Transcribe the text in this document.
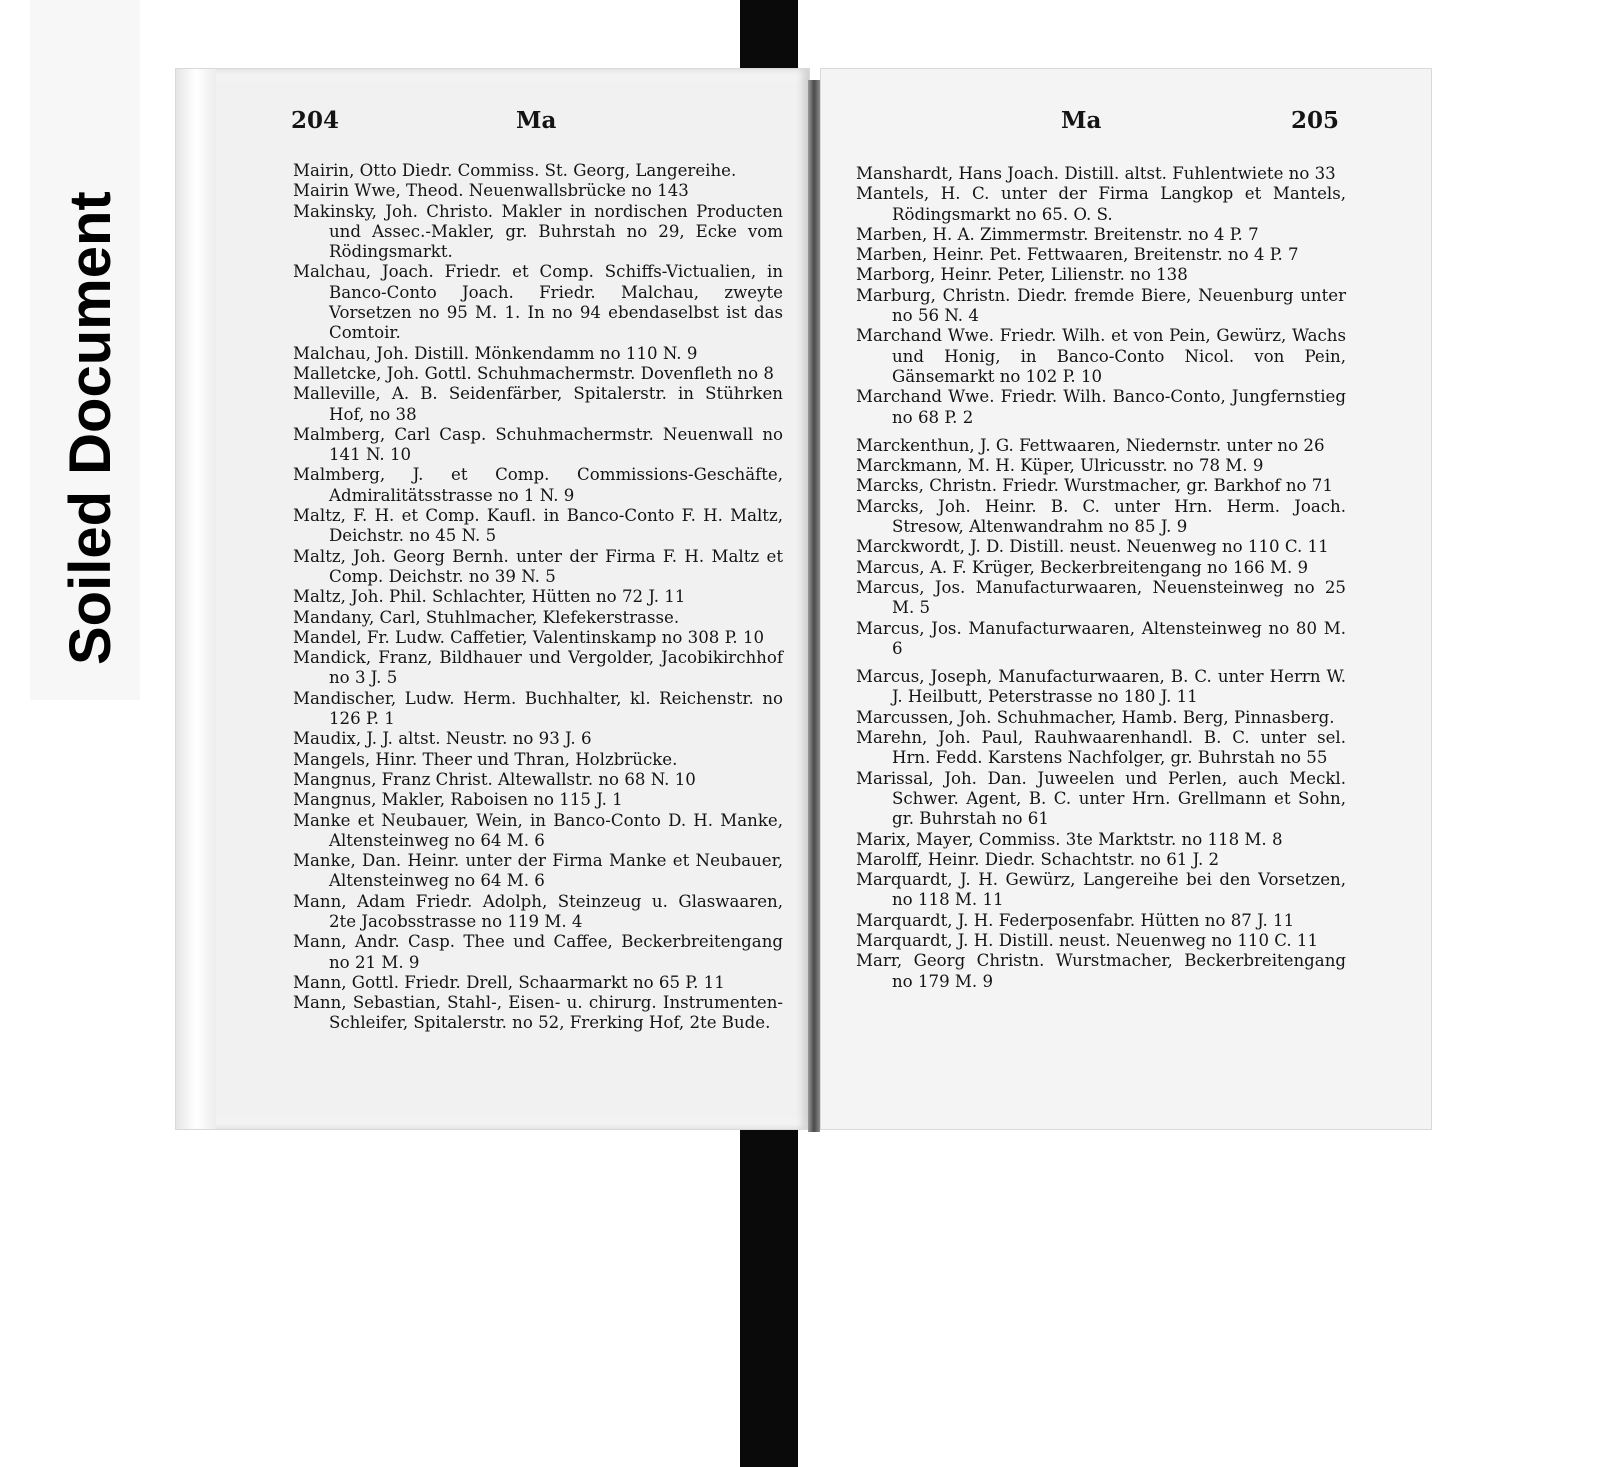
Soiled Document
204	Ma
Mairin, Otto Diedr. Commiss. St. Georg, Langereihe.
Mairin Wwe, Theod. Neuenwallsbrücke no 143
Makinsky, Joh. Christo. Makler in nordischen Producten und Assec.-Makler, gr. Buhrstah no 29, Ecke vom Rödingsmarkt.
Malchau, Joach. Friedr. et Comp. Schiffs-Victualien, in Banco-Conto Joach. Friedr. Malchau, zweyte Vorsetzen no 95 M. 1. In no 94 ebendaselbst ist das Comtoir.
Malchau, Joh. Distill. Mönkendamm no 110 N. 9
Malletcke, Joh. Gottl. Schuhmachermstr. Dovenfleth no 8
Malleville, A. B. Seidenfärber, Spitalerstr. in Stührken Hof, no 38
Malmberg, Carl Casp. Schuhmachermstr. Neuenwall no 141 N. 10
Malmberg, J. et Comp. Commissions-Geschäfte, Admiralitätsstrasse no 1 N. 9
Maltz, F. H. et Comp. Kaufl. in Banco-Conto F. H. Maltz, Deichstr. no 45 N. 5
Maltz, Joh. Georg Bernh. unter der Firma F. H. Maltz et Comp. Deichstr. no 39 N. 5
Maltz, Joh. Phil. Schlachter, Hütten no 72 J. 11
Mandany, Carl, Stuhlmacher, Klefekerstrasse.
Mandel, Fr. Ludw. Caffetier, Valentinskamp no 308 P. 10
Mandick, Franz, Bildhauer und Vergolder, Jacobikirchhof no 3 J. 5
Mandischer, Ludw. Herm. Buchhalter, kl. Reichenstr. no 126 P. 1
Maudix, J. J. altst. Neustr. no 93 J. 6
Mangels, Hinr. Theer und Thran, Holzbrücke.
Mangnus, Franz Christ. Altewallstr. no 68 N. 10
Mangnus, Makler, Raboisen no 115 J. 1
Manke et Neubauer, Wein, in Banco-Conto D. H. Manke, Altensteinweg no 64 M. 6
Manke, Dan. Heinr. unter der Firma Manke et Neubauer, Altensteinweg no 64 M. 6
Mann, Adam Friedr. Adolph, Steinzeug u. Glaswaaren, 2te Jacobsstrasse no 119 M. 4
Mann, Andr. Casp. Thee und Caffee, Beckerbreitengang no 21 M. 9
Mann, Gottl. Friedr. Drell, Schaarmarkt no 65 P. 11
Mann, Sebastian, Stahl-, Eisen- u. chirurg. Instrumenten-Schleifer, Spitalerstr. no 52, Frerking Hof, 2te Bude.
Ma	205
Manshardt, Hans Joach. Distill. altst. Fuhlentwiete no 33
Mantels, H. C. unter der Firma Langkop et Mantels, Rödingsmarkt no 65. O. S.
Marben, H. A. Zimmermstr. Breitenstr. no 4 P. 7
Marben, Heinr. Pet. Fettwaaren, Breitenstr. no 4 P. 7
Marborg, Heinr. Peter, Lilienstr. no 138
Marburg, Christn. Diedr. fremde Biere, Neuenburg unter no 56 N. 4
Marchand Wwe. Friedr. Wilh. et von Pein, Gewürz, Wachs und Honig, in Banco-Conto Nicol. von Pein, Gänsemarkt no 102 P. 10
Marchand Wwe. Friedr. Wilh. Banco-Conto, Jungfernstieg no 68 P. 2
Marckenthun, J. G. Fettwaaren, Niedernstr. unter no 26
Marckmann, M. H. Küper, Ulricusstr. no 78 M. 9
Marcks, Christn. Friedr. Wurstmacher, gr. Barkhof no 71
Marcks, Joh. Heinr. B. C. unter Hrn. Herm. Joach. Stresow, Altenwandrahm no 85 J. 9
Marckwordt, J. D. Distill. neust. Neuenweg no 110 C. 11
Marcus, A. F. Krüger, Beckerbreitengang no 166 M. 9
Marcus, Jos. Manufacturwaaren, Neuensteinweg no 25 M. 5
Marcus, Jos. Manufacturwaaren, Altensteinweg no 80 M. 6
Marcus, Joseph, Manufacturwaaren, B. C. unter Herrn W. J. Heilbutt, Peterstrasse no 180 J. 11
Marcussen, Joh. Schuhmacher, Hamb. Berg, Pinnasberg.
Marehn, Joh. Paul, Rauhwaarenhandl. B. C. unter sel. Hrn. Fedd. Karstens Nachfolger, gr. Buhrstah no 55
Marissal, Joh. Dan. Juweelen und Perlen, auch Meckl. Schwer. Agent, B. C. unter Hrn. Grellmann et Sohn, gr. Buhrstah no 61
Marix, Mayer, Commiss. 3te Marktstr. no 118 M. 8
Marolff, Heinr. Diedr. Schachtstr. no 61 J. 2
Marquardt, J. H. Gewürz, Langereihe bei den Vorsetzen, no 118 M. 11
Marquardt, J. H. Federposenfabr. Hütten no 87 J. 11
Marquardt, J. H. Distill. neust. Neuenweg no 110 C. 11
Marr, Georg Christn. Wurstmacher, Beckerbreitengang no 179 M. 9
